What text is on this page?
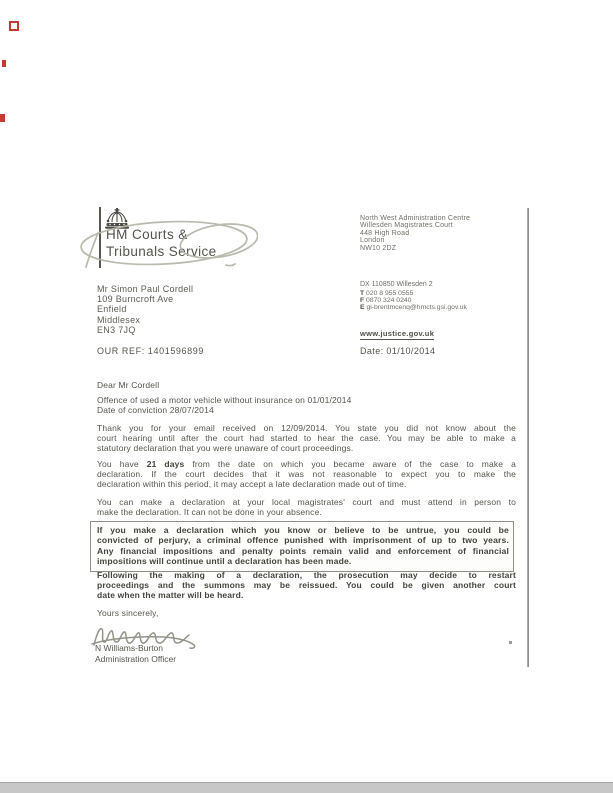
HM Courts &
Tribunals Service
Mr Simon Paul Cordell
109 Burncroft Ave
Enfield
Middlesex
EN3 7JQ
North West Administration Centre
Willesden Magistrates Court
448 High Road
London
NW10 2DZ
DX 110850 Willesden 2
T 020 8 955 0555
F 0870 324 0240
E gl-brentmcenq@hmcts.gsi.gov.uk
www.justice.gov.uk
OUR REF: 1401596899	Date: 01/10/2014
Dear Mr Cordell
Offence of used a motor vehicle without insurance on 01/01/2014
Date of conviction 28/07/2014
Thank you for your email received on 12/09/2014. You state you did not know about the
court hearing until after the court had started to hear the case. You may be able to make a
statutory declaration that you were unaware of court proceedings.
You have 21 days from the date on which you became aware of the case to make a
declaration. If the court decides that it was not reasonable to expect you to make the
declaration within this period, it may accept a late declaration made out of time.
You can make a declaration at your local magistrates' court and must attend in person to
make the declaration. It can not be done in your absence.
If you make a declaration which you know or believe to be untrue, you could be
convicted of perjury, a criminal offence punished with imprisonment of up to two years.
Any financial impositions and penalty points remain valid and enforcement of financial
impositions will continue until a declaration has been made.
Following the making of a declaration, the prosecution may decide to restart
proceedings and the summons may be reissued. You could be given another court
date when the matter will be heard.
Yours sincerely,
N Williams-Burton
Administration Officer
